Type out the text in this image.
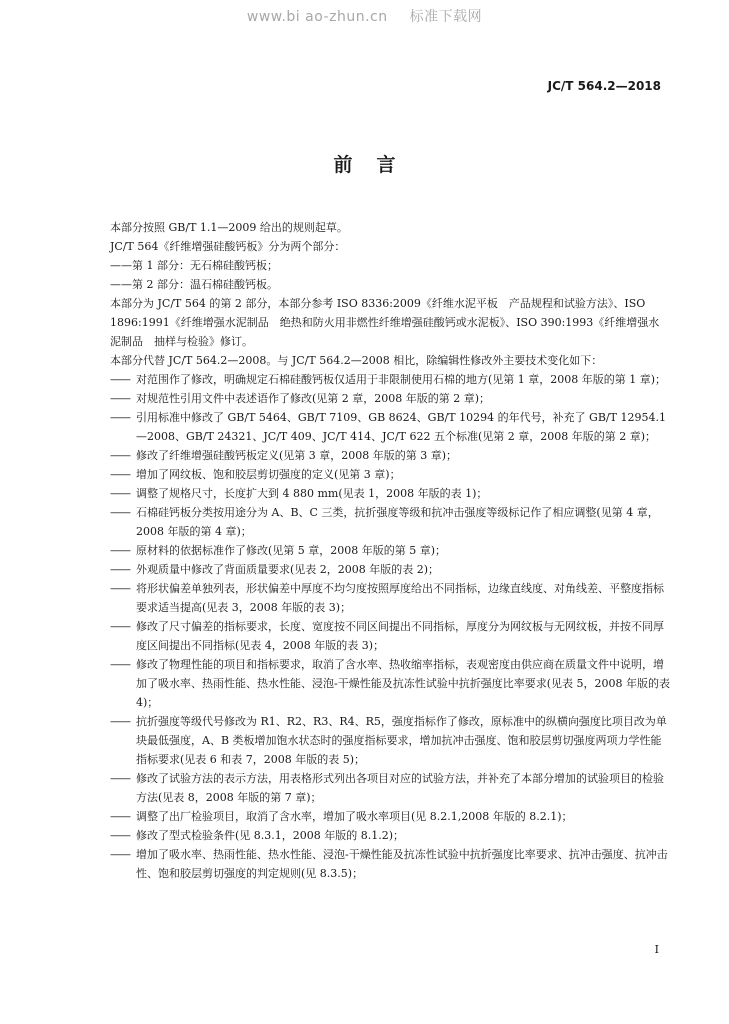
www.bi ao-zhun.cn 标准下载网
JC/T 564.2—2018
前言

本部分按照 GB/T 1.1—2009 给出的规则起草。

JC/T 564《纤维增强硅酸钙板》分为两个部分：

——第 1 部分：无石棉硅酸钙板；

——第 2 部分：温石棉硅酸钙板。

本部分为 JC/T 564 的第 2 部分，本部分参考 ISO 8336:2009《纤维水泥平板　产品规程和试验方法》、ISO 1896:1991《纤维增强水泥制品　绝热和防火用非燃性纤维增强硅酸钙或水泥板》、ISO 390:1993《纤维增强水泥制品　抽样与检验》修订。

本部分代替 JC/T 564.2—2008。与 JC/T 564.2—2008 相比，除编辑性修改外主要技术变化如下：

—— 对范围作了修改，明确规定石棉硅酸钙板仅适用于非限制使用石棉的地方(见第 1 章，2008 年版的第 1 章)；
—— 对规范性引用文件中表述语作了修改(见第 2 章，2008 年版的第 2 章)；
—— 引用标准中修改了 GB/T 5464、GB/T 7109、GB 8624、GB/T 10294 的年代号，补充了 GB/T 12954.1—2008、GB/T 24321、JC/T 409、JC/T 414、JC/T 622 五个标准(见第 2 章，2008 年版的第 2 章)；
—— 修改了纤维增强硅酸钙板定义(见第 3 章，2008 年版的第 3 章)；
—— 增加了网纹板、饱和胶层剪切强度的定义(见第 3 章)；
—— 调整了规格尺寸，长度扩大到 4 880 mm(见表 1，2008 年版的表 1)；
—— 石棉硅钙板分类按用途分为 A、B、C 三类，抗折强度等级和抗冲击强度等级标记作了相应调整(见第 4 章，2008 年版的第 4 章)；
—— 原材料的依据标准作了修改(见第 5 章，2008 年版的第 5 章)；
—— 外观质量中修改了背面质量要求(见表 2，2008 年版的表 2)；
—— 将形状偏差单独列表，形状偏差中厚度不均匀度按照厚度给出不同指标，边缘直线度、对角线差、平整度指标要求适当提高(见表 3，2008 年版的表 3)；
—— 修改了尺寸偏差的指标要求，长度、宽度按不同区间提出不同指标，厚度分为网纹板与无网纹板，并按不同厚度区间提出不同指标(见表 4，2008 年版的表 3)；
—— 修改了物理性能的项目和指标要求，取消了含水率、热收缩率指标，表观密度由供应商在质量文件中说明，增加了吸水率、热雨性能、热水性能、浸泡-干燥性能及抗冻性试验中抗折强度比率要求(见表 5，2008 年版的表 4)；
—— 抗折强度等级代号修改为 R1、R2、R3、R4、R5，强度指标作了修改，原标准中的纵横向强度比项目改为单块最低强度，A、B 类板增加饱水状态时的强度指标要求，增加抗冲击强度、饱和胶层剪切强度两项力学性能指标要求(见表 6 和表 7，2008 年版的表 5)；
—— 修改了试验方法的表示方法，用表格形式列出各项目对应的试验方法，并补充了本部分增加的试验项目的检验方法(见表 8，2008 年版的第 7 章)；
—— 调整了出厂检验项目，取消了含水率，增加了吸水率项目(见 8.2.1,2008 年版的 8.2.1)；
—— 修改了型式检验条件(见 8.3.1，2008 年版的 8.1.2)；
—— 增加了吸水率、热雨性能、热水性能、浸泡-干燥性能及抗冻性试验中抗折强度比率要求、抗冲击强度、抗冲击性、饱和胶层剪切强度的判定规则(见 8.3.5)；
I
